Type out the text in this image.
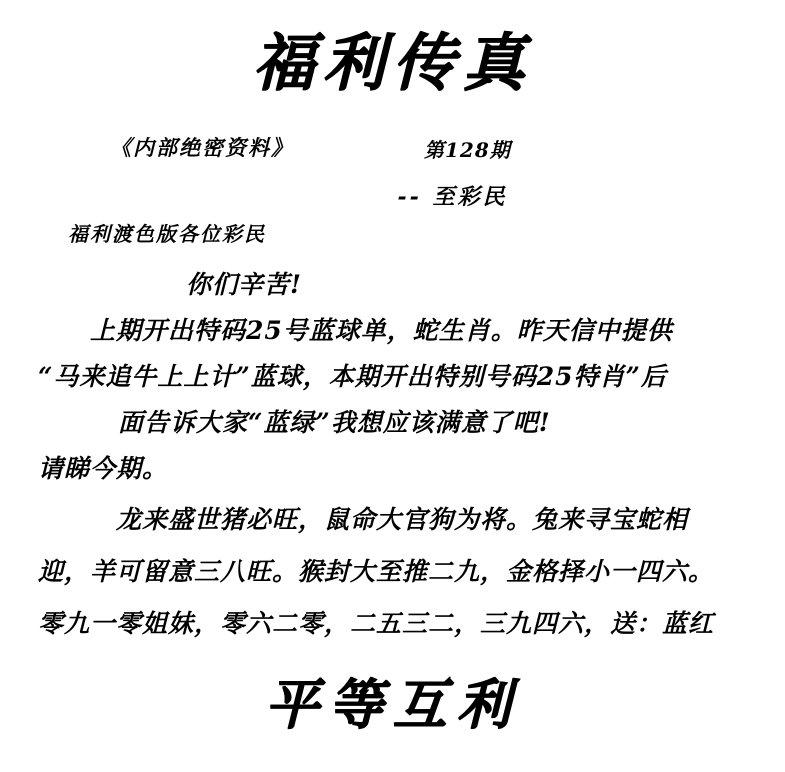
福利传真
《内部绝密资料》	第128期
-- 至彩民
福利渡色版各位彩民
你们辛苦!
上期开出特码25号蓝球单，蛇生肖。昨天信中提供
“马来追牛上上计”蓝球，本期开出特别号码25特肖”后
面告诉大家“蓝绿”我想应该满意了吧!
请睇今期。
龙来盛世猪必旺，鼠命大官狗为将。兔来寻宝蛇相
迎，羊可留意三八旺。猴封大至推二九，金格择小一四六。
零九一零姐妹，零六二零，二五三二，三九四六，送：蓝红
平等互利
